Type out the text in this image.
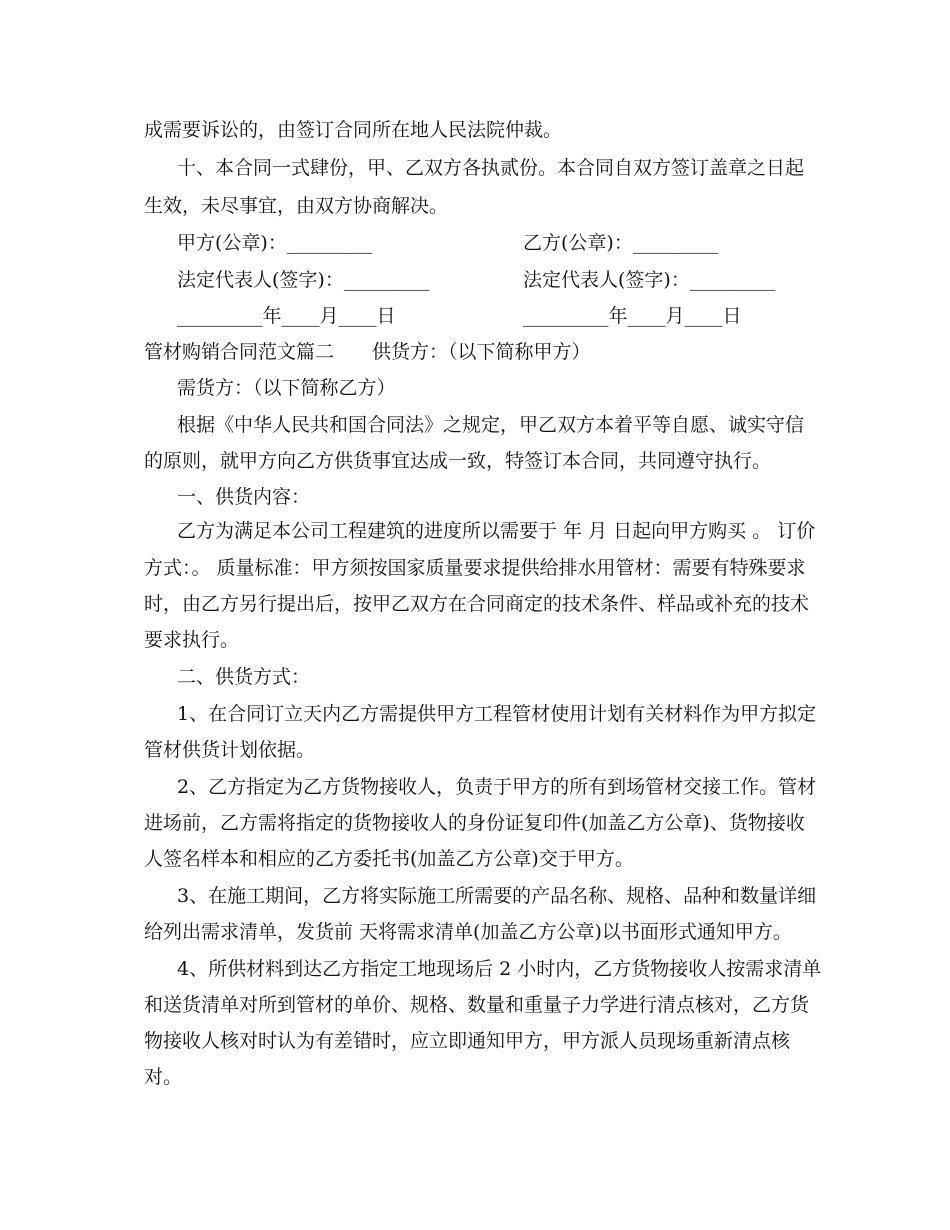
成需要诉讼的，由签订合同所在地人民法院仲裁。
十、本合同一式肆份，甲、乙双方各执贰份。本合同自双方签订盖章之日起
生效，未尽事宜，由双方协商解决。
甲方(公章)：_________	乙方(公章)：_________
法定代表人(签字)：_________	法定代表人(签字)：_________
_________年____月____日	_________年____月____日
管材购销合同范文篇二　　供货方：（以下简称甲方）
需货方：（以下简称乙方）
根据《中华人民共和国合同法》之规定，甲乙双方本着平等自愿、诚实守信
的原则，就甲方向乙方供货事宜达成一致，特签订本合同，共同遵守执行。
一、供货内容：
乙方为满足本公司工程建筑的进度所以需要于 年 月 日起向甲方购买 。 订价
方式：。 质量标准：甲方须按国家质量要求提供给排水用管材：需要有特殊要求
时，由乙方另行提出后，按甲乙双方在合同商定的技术条件、样品或补充的技术
要求执行。
二、供货方式：
1、在合同订立天内乙方需提供甲方工程管材使用计划有关材料作为甲方拟定
管材供货计划依据。
2、乙方指定为乙方货物接收人，负责于甲方的所有到场管材交接工作。管材
进场前，乙方需将指定的货物接收人的身份证复印件(加盖乙方公章)、货物接收
人签名样本和相应的乙方委托书(加盖乙方公章)交于甲方。
3、在施工期间，乙方将实际施工所需要的产品名称、规格、品种和数量详细
给列出需求清单，发货前 天将需求清单(加盖乙方公章)以书面形式通知甲方。
4、所供材料到达乙方指定工地现场后 2 小时内，乙方货物接收人按需求清单
和送货清单对所到管材的单价、规格、数量和重量子力学进行清点核对，乙方货
物接收人核对时认为有差错时，应立即通知甲方，甲方派人员现场重新清点核
对。
